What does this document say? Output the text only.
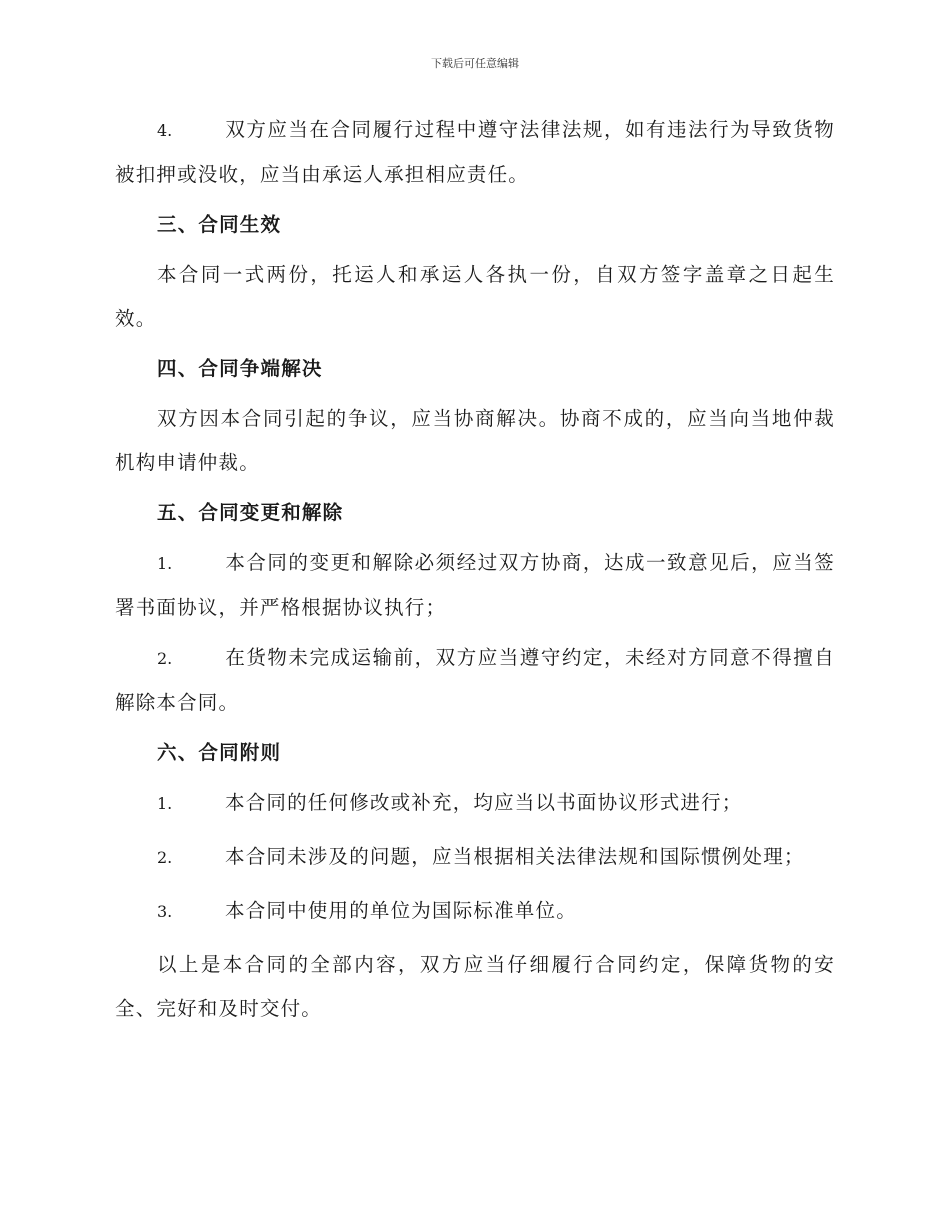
下载后可任意编辑

4.	双方应当在合同履行过程中遵守法律法规，如有违法行为导致货物被扣押或没收，应当由承运人承担相应责任。

三、合同生效

本合同一式两份，托运人和承运人各执一份，自双方签字盖章之日起生效。

四、合同争端解决

双方因本合同引起的争议，应当协商解决。协商不成的，应当向当地仲裁机构申请仲裁。

五、合同变更和解除

1.	本合同的变更和解除必须经过双方协商，达成一致意见后，应当签署书面协议，并严格根据协议执行；

2.	在货物未完成运输前，双方应当遵守约定，未经对方同意不得擅自解除本合同。

六、合同附则

1.	本合同的任何修改或补充，均应当以书面协议形式进行；

2.	本合同未涉及的问题，应当根据相关法律法规和国际惯例处理；

3.	本合同中使用的单位为国际标准单位。

以上是本合同的全部内容，双方应当仔细履行合同约定，保障货物的安全、完好和及时交付。
